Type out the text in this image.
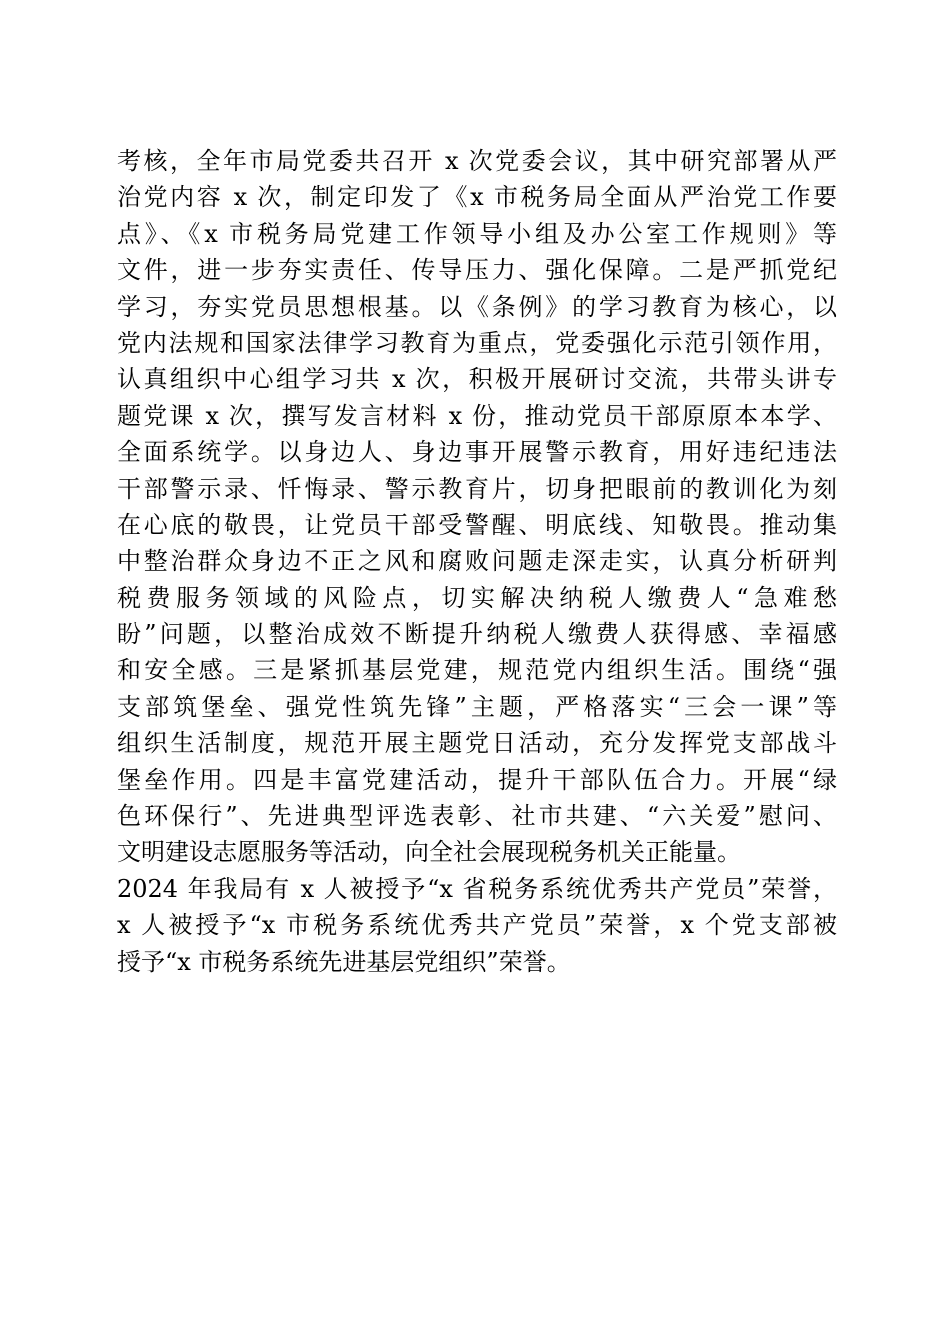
考核，全年市局党委共召开 x 次党委会议，其中研究部署从严
治党内容 x 次，制定印发了《x 市税务局全面从严治党工作要
点》、《x 市税务局党建工作领导小组及办公室工作规则》等
文件，进一步夯实责任、传导压力、强化保障。二是严抓党纪
学习，夯实党员思想根基。以《条例》的学习教育为核心，以
党内法规和国家法律学习教育为重点，党委强化示范引领作用，
认真组织中心组学习共 x 次，积极开展研讨交流，共带头讲专
题党课 x 次，撰写发言材料 x 份，推动党员干部原原本本学、
全面系统学。以身边人、身边事开展警示教育，用好违纪违法
干部警示录、忏悔录、警示教育片，切身把眼前的教训化为刻
在心底的敬畏，让党员干部受警醒、明底线、知敬畏。推动集
中整治群众身边不正之风和腐败问题走深走实，认真分析研判
税费服务领域的风险点，切实解决纳税人缴费人“急难愁
盼”问题，以整治成效不断提升纳税人缴费人获得感、幸福感
和安全感。三是紧抓基层党建，规范党内组织生活。围绕“强
支部筑堡垒、强党性筑先锋”主题，严格落实“三会一课”等
组织生活制度，规范开展主题党日活动，充分发挥党支部战斗
堡垒作用。四是丰富党建活动，提升干部队伍合力。开展“绿
色环保行”、先进典型评选表彰、社市共建、“六关爱”慰问、
文明建设志愿服务等活动，向全社会展现税务机关正能量。
2024 年我局有 x 人被授予“x 省税务系统优秀共产党员”荣誉，
x 人被授予“x 市税务系统优秀共产党员”荣誉，x 个党支部被
授予“x 市税务系统先进基层党组织”荣誉。
